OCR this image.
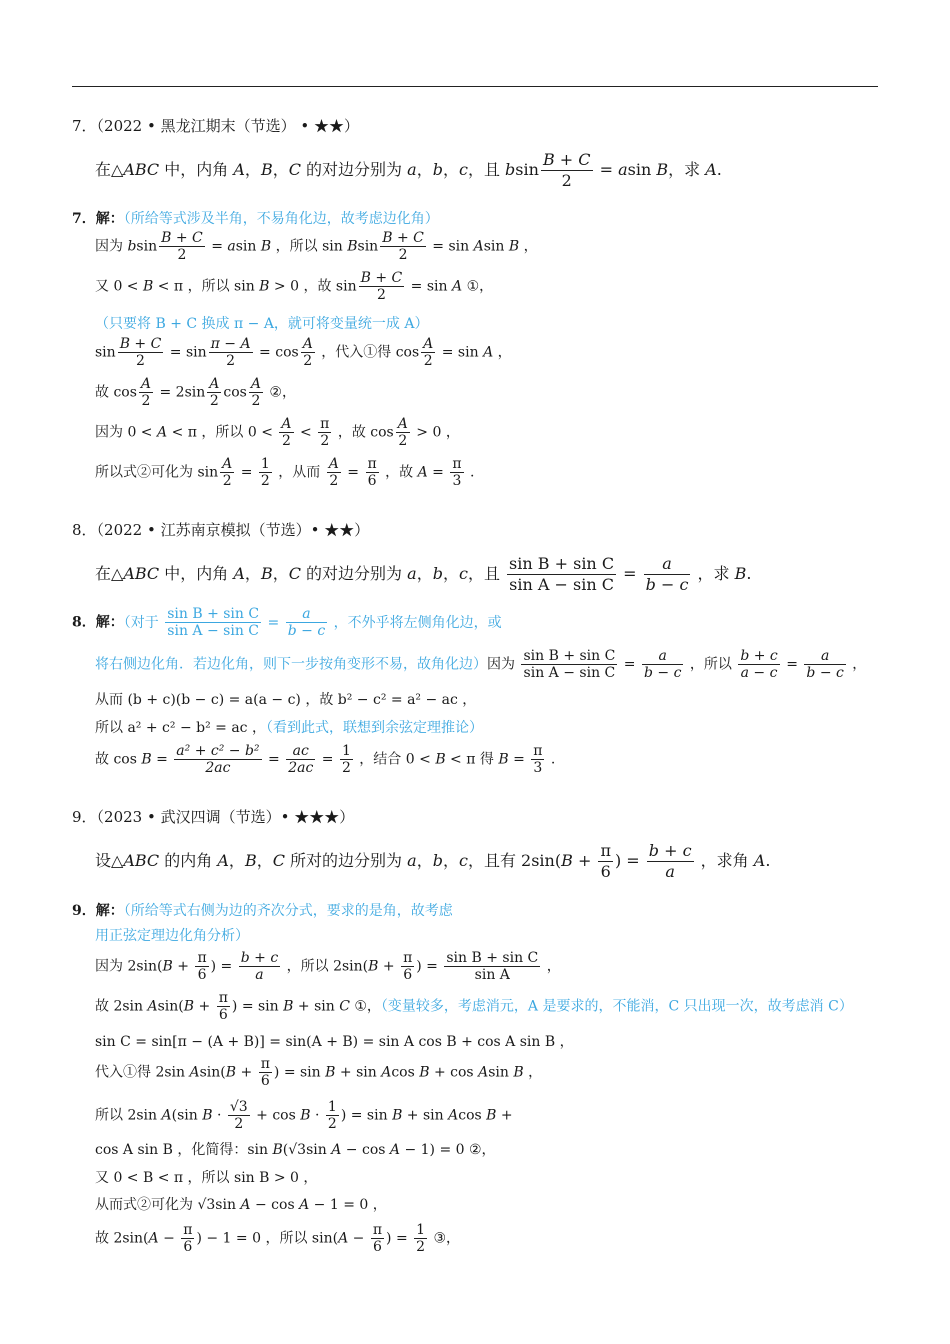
7．（2022 • 黑龙江期末（节选） • ★★）
在△ABC 中，内角 A，B，C 的对边分别为 a，b，c，且 bsin $\frac{B + C}{2} = asin$ B，求 A.
7．解：（所给等式涉及半角，不易角化边，故考虑边化角）
因为 bsin $\frac{B + C}{2} = asin$ B ，所以 sin Bsin $\frac{B + C}{2} = \sin Asin$ B ，
又 0 < B < π ，所以 sin B > 0 ，故 $\sin \frac{B + C}{2} = \sin A$ ①，
（只要将 B + C 换成 π − A，就可将变量统一成 A）
$\sin \frac{B + C}{2} = \sin \frac{\pi - A}{2} = \cos \frac{A}{2}$ ，代入①得 $\cos \frac{A}{2} = \sin A$ ，
故 $\cos \frac{A}{2} = 2\sin \frac{A}{2}$ $\cos \frac{A}{2}$ ②，
因为 0 < A < π ，所以 $0 < \frac{A}{2} < \frac{\pi}{2}$ ，故 $\cos \frac{A}{2} > 0$ ，
所以式②可化为 $\sin \frac{A}{2} = \frac{1}{2}$ ，从而 $\frac{A}{2} = \frac{\pi}{6}$ ，故 $A = \frac{\pi}{3}$ .
8．（2022 • 江苏南京模拟（节选）• ★★）
在△ABC 中，内角 A，B，C 的对边分别为 a，b，c，且 $\frac{\text{sin B + sin C}}{\text{sin A − sin C}} = \frac{a}{b - c}$ ，求 B.
8．解：（对于 $\frac{\text{sin B + sin C}}{\text{sin A − sin C}} = \frac{a}{b - c}$ ，不外乎将左侧角化边，或
将右侧边化角．若边化角，则下一步按角变形不易，故角化边）因为 $\frac{\text{sin B + sin C}}{\text{sin A − sin C}} = \frac{a}{b - c}$ ，所以 $\frac{b + c}{a - c} = \frac{a}{b - c}$ ，
从而 (b + c)(b − c) = a(a − c) ，故 b² − c² = a² − ac ，
所以 a² + c² − b² = ac ，（看到此式，联想到余弦定理推论）
故 $\cos B = \frac{\text{a² + c² − b²}}{2ac} = \frac{ac}{2ac} = \frac{1}{2}$ ，结合 0 < B < π 得 $B = \frac{\pi}{3}$ .
9．（2023 • 武汉四调（节选）• ★★★）
设△ABC 的内角 A，B，C 所对的边分别为 a，b，c，且有 $2\sin(B + \frac{\pi}{6}$ ) = $\frac{b + c}{a}$ ，求角 A.
9．解：（所给等式右侧为边的齐次分式，要求的是角，故考虑
用正弦定理边化角分析）
因为 $2\sin(B + \frac{\pi}{6}$ ) = $\frac{b + c}{a}$ ，所以 $2\sin(B + \frac{\pi}{6}$ ) = $\frac{\text{sin B + sin C}}{\text{sin A}}$ ，
故 2sin $Asin(B + \frac{\pi}{6}$ ) = sin B + sin C ①，（变量较多，考虑消元，A 是要求的，不能消，C 只出现一次，故考虑消 C）
sin C = sin[π − (A + B)] = sin(A + B) = sin A cos B + cos A sin B ，
代入①得 2sin $Asin(B + \frac{\pi}{6}$ ) = sin B + sin Acos B + cos Asin B ，
所以 2sin A(sin $B \cdot \frac{√3}{2} + \cos B \cdot \frac{1}{2}$ ) = sin B + sin Acos B +
cos A sin B ，化简得：sin B(√3sin A − cos A − 1) = 0 ②，
又 0 < B < π ，所以 sin B > 0 ，
从而式②可化为 √3sin A − cos A − 1 = 0 ，
故 $2\sin(A - \frac{\pi}{6}$ ) − 1 = 0 ，所以 $\sin(A - \frac{\pi}{6}$ ) = $\frac{1}{2}$ ③，
